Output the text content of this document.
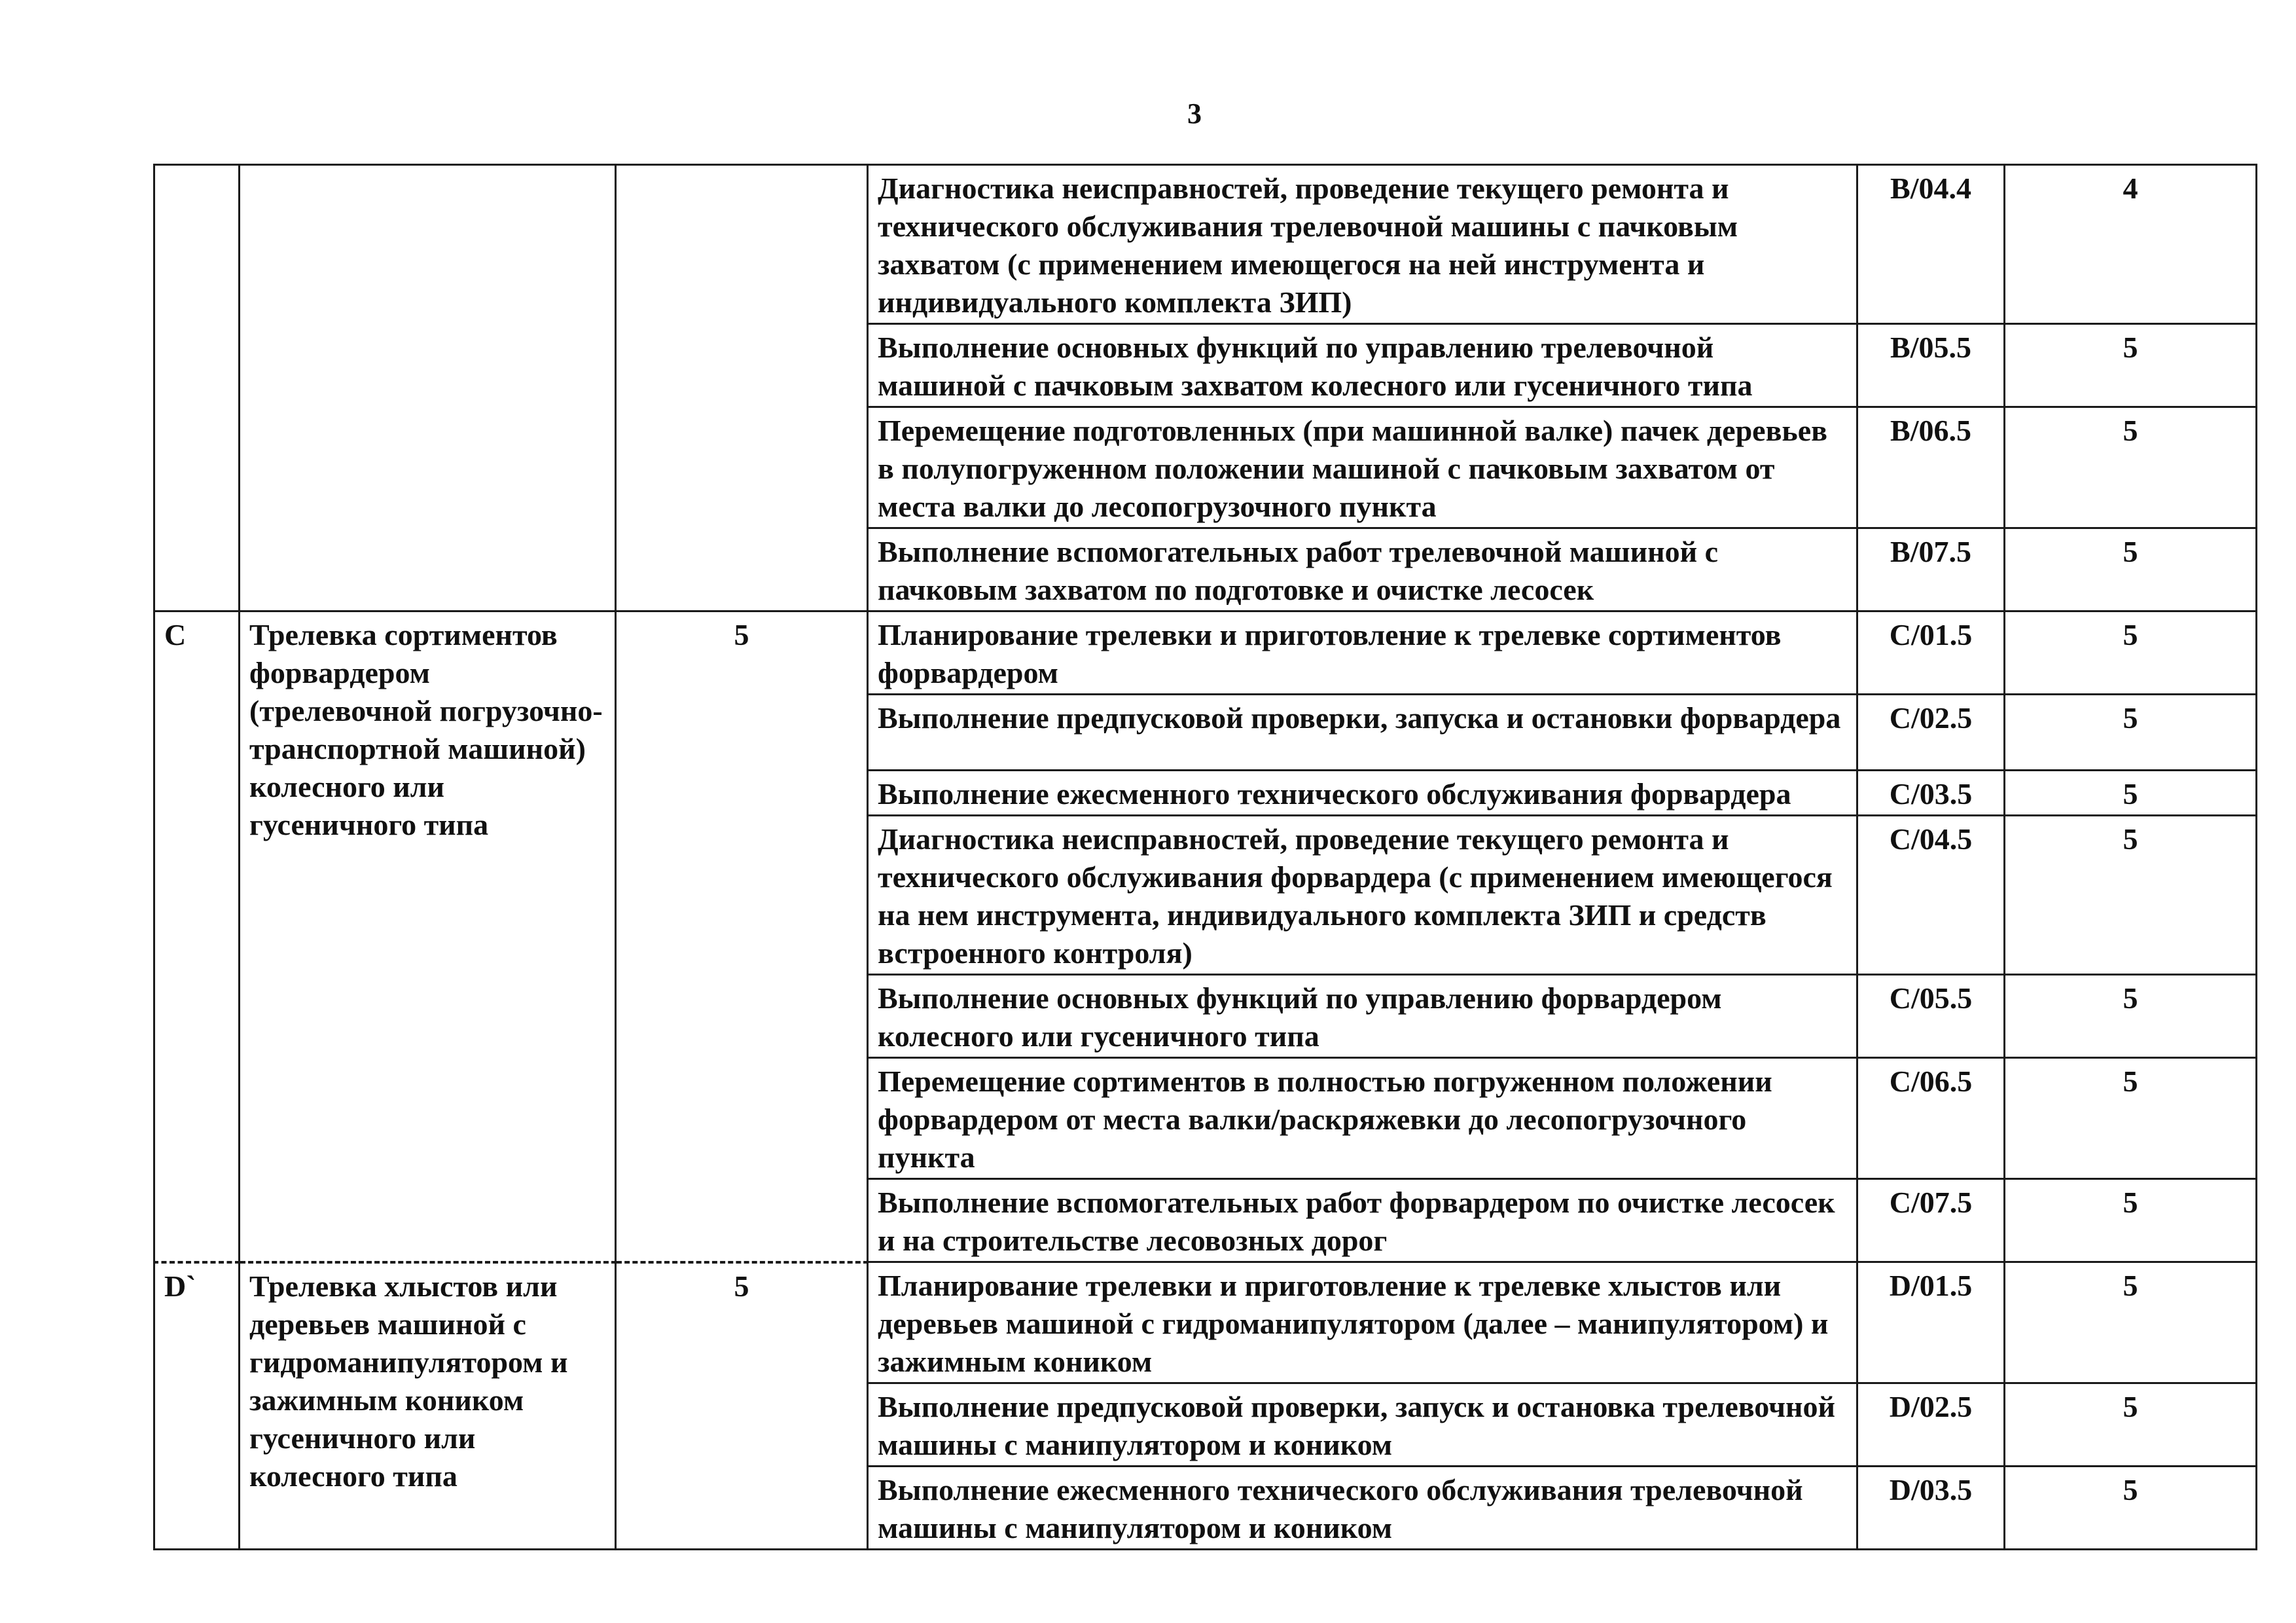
3
			Диагностика неисправностей, проведение текущего ремонта и технического обслуживания трелевочной машины с пачковым захватом (с применением имеющегося на ней инструмента и индивидуального комплекта ЗИП)	B/04.4	4
			Выполнение основных функций по управлению трелевочной машиной с пачковым захватом колесного или гусеничного типа	B/05.5	5
			Перемещение подготовленных (при машинной валке) пачек деревьев в полупогруженном положении машиной с пачковым захватом от места валки до лесопогрузочного пункта	B/06.5	5
			Выполнение вспомогательных работ трелевочной машиной с пачковым захватом по подготовке и очистке лесосек	B/07.5	5
C	Трелевка сортиментов форвардером (трелевочной погрузочно-транспортной машиной) колесного или гусеничного типа	5	Планирование трелевки и приготовление к трелевке сортиментов форвардером	C/01.5	5
			Выполнение предпусковой проверки, запуска и остановки форвардера	C/02.5	5
			Выполнение ежесменного технического обслуживания форвардера	C/03.5	5
			Диагностика неисправностей, проведение текущего ремонта и технического обслуживания форвардера (с применением имеющегося на нем инструмента, индивидуального комплекта ЗИП и средств встроенного контроля)	C/04.5	5
			Выполнение основных функций по управлению форвардером колесного или гусеничного типа	C/05.5	5
			Перемещение сортиментов в полностью погруженном положении форвардером от места валки/раскряжевки до лесопогрузочного пункта	C/06.5	5
			Выполнение вспомогательных работ форвардером по очистке лесосек и на строительстве лесовозных дорог	C/07.5	5
D`	Трелевка хлыстов или деревьев машиной с гидроманипулятором и зажимным коником гусеничного или колесного типа	5	Планирование трелевки и приготовление к трелевке хлыстов или деревьев машиной с гидроманипулятором (далее – манипулятором) и зажимным коником	D/01.5	5
			Выполнение предпусковой проверки, запуск и остановка трелевочной машины с манипулятором и коником	D/02.5	5
			Выполнение ежесменного технического обслуживания трелевочной машины с манипулятором и коником	D/03.5	5
